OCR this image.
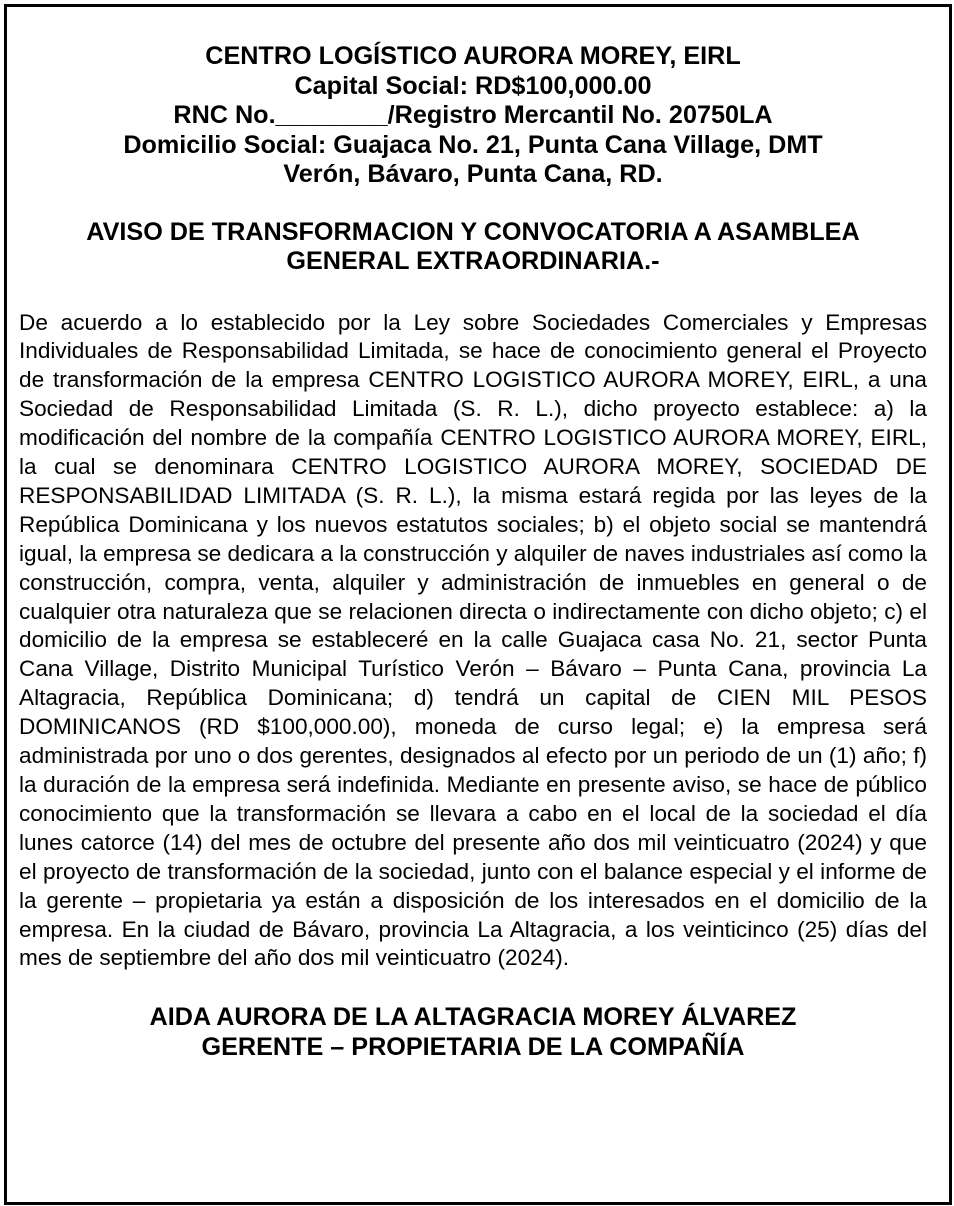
CENTRO LOGÍSTICO AURORA MOREY, EIRL
Capital Social: RD$100,000.00
RNC No.________/Registro Mercantil No. 20750LA
Domicilio Social: Guajaca No. 21, Punta Cana Village, DMT
Verón, Bávaro, Punta Cana, RD.
AVISO DE TRANSFORMACION Y CONVOCATORIA A ASAMBLEA
GENERAL EXTRAORDINARIA.-

De acuerdo a lo establecido por la Ley sobre Sociedades Comerciales y Empresas Individuales de Responsabilidad Limitada, se hace de conocimiento general el Proyecto de transformación de la empresa CENTRO LOGISTICO AURORA MOREY, EIRL, a una Sociedad de Responsabilidad Limitada (S. R. L.), dicho proyecto establece: a) la modificación del nombre de la compañía CENTRO LOGISTICO AURORA MOREY, EIRL, la cual se denominara CENTRO LOGISTICO AURORA MOREY, SOCIEDAD DE RESPONSABILIDAD LIMITADA (S. R. L.), la misma estará regida por las leyes de la República Dominicana y los nuevos estatutos sociales; b) el objeto social se mantendrá igual, la empresa se dedicara a la construcción y alquiler de naves industriales así como la construcción, compra, venta, alquiler y administración de inmuebles en general o de cualquier otra naturaleza que se relacionen directa o indirectamente con dicho objeto; c) el domicilio de la empresa se estableceré en la calle Guajaca casa No. 21, sector Punta Cana Village, Distrito Municipal Turístico Verón – Bávaro – Punta Cana, provincia La Altagracia, República Dominicana; d) tendrá un capital de CIEN MIL PESOS DOMINICANOS (RD $100,000.00), moneda de curso legal; e) la empresa será administrada por uno o dos gerentes, designados al efecto por un periodo de un (1) año; f) la duración de la empresa será indefinida. Mediante en presente aviso, se hace de público conocimiento que la transformación se llevara a cabo en el local de la sociedad el día lunes catorce (14) del mes de octubre del presente año dos mil veinticuatro (2024) y que el proyecto de transformación de la sociedad, junto con el balance especial y el informe de la gerente – propietaria ya están a disposición de los interesados en el domicilio de la empresa. En la ciudad de Bávaro, provincia La Altagracia, a los veinticinco (25) días del mes de septiembre del año dos mil veinticuatro (2024).

AIDA AURORA DE LA ALTAGRACIA MOREY ÁLVAREZ
GERENTE – PROPIETARIA DE LA COMPAÑÍA
